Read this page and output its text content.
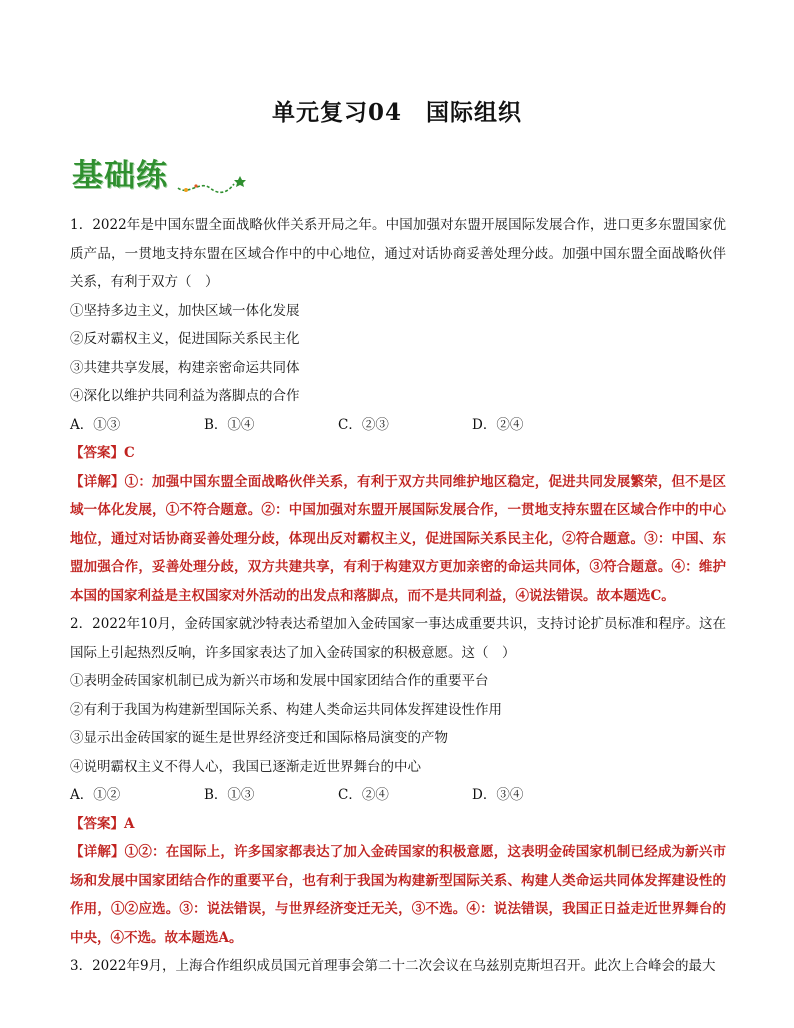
单元复习04　国际组织
基础练

1．2022年是中国东盟全面战略伙伴关系开局之年。中国加强对东盟开展国际发展合作，进口更多东盟国家优质产品，一贯地支持东盟在区域合作中的中心地位，通过对话协商妥善处理分歧。加强中国东盟全面战略伙伴关系，有利于双方（　）

①坚持多边主义，加快区域一体化发展

②反对霸权主义，促进国际关系民主化

③共建共享发展，构建亲密命运共同体

④深化以维护共同利益为落脚点的合作

A．①③	B．①④	C．②③	D．②④

【答案】C

【详解】①：加强中国东盟全面战略伙伴关系，有利于双方共同维护地区稳定，促进共同发展繁荣，但不是区域一体化发展，①不符合题意。②：中国加强对东盟开展国际发展合作，一贯地支持东盟在区域合作中的中心地位，通过对话协商妥善处理分歧，体现出反对霸权主义，促进国际关系民主化，②符合题意。③：中国、东盟加强合作，妥善处理分歧，双方共建共享，有利于构建双方更加亲密的命运共同体，③符合题意。④：维护本国的国家利益是主权国家对外活动的出发点和落脚点，而不是共同利益，④说法错误。故本题选C。

2．2022年10月，金砖国家就沙特表达希望加入金砖国家一事达成重要共识，支持讨论扩员标准和程序。这在国际上引起热烈反响，许多国家表达了加入金砖国家的积极意愿。这（　）

①表明金砖国家机制已成为新兴市场和发展中国家团结合作的重要平台

②有利于我国为构建新型国际关系、构建人类命运共同体发挥建设性作用

③显示出金砖国家的诞生是世界经济变迁和国际格局演变的产物

④说明霸权主义不得人心，我国已逐渐走近世界舞台的中心

A．①②	B．①③	C．②④	D．③④

【答案】A

【详解】①②：在国际上，许多国家都表达了加入金砖国家的积极意愿，这表明金砖国家机制已经成为新兴市场和发展中国家团结合作的重要平台，也有利于我国为构建新型国际关系、构建人类命运共同体发挥建设性的作用，①②应选。③：说法错误，与世界经济变迁无关，③不选。④：说法错误，我国正日益走近世界舞台的中央，④不选。故本题选A。

3．2022年9月，上海合作组织成员国元首理事会第二十二次会议在乌兹别克斯坦召开。此次上合峰会的最大
